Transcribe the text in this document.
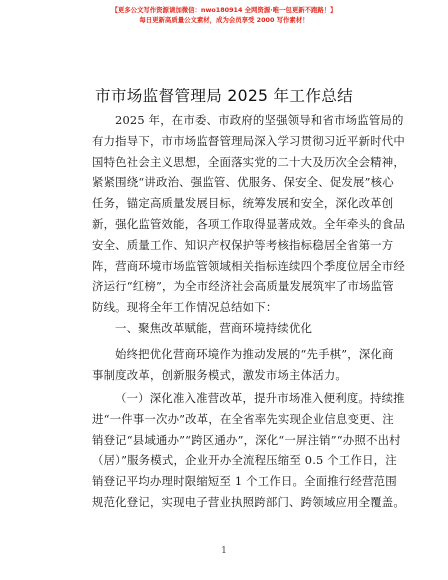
【更多公文写作资源请加微信：nwo180914 全网资源·唯一包更新不跑路！】
每日更新高质量公文素材，成为会员享受 2000 写作素材！
市市场监督管理局 2025 年工作总结
2025 年，在市委、市政府的坚强领导和省市场监管局的
有力指导下，市市场监督管理局深入学习贯彻习近平新时代中
国特色社会主义思想，全面落实党的二十大及历次全会精神，
紧紧围绕“讲政治、强监管、优服务、保安全、促发展”核心
任务，锚定高质量发展目标，统筹发展和安全，深化改革创
新，强化监管效能，各项工作取得显著成效。全年牵头的食品
安全、质量工作、知识产权保护等考核指标稳居全省第一方
阵，营商环境市场监管领域相关指标连续四个季度位居全市经
济运行“红榜”，为全市经济社会高质量发展筑牢了市场监管
防线。现将全年工作情况总结如下：
一、聚焦改革赋能，营商环境持续优化
始终把优化营商环境作为推动发展的“先手棋”，深化商
事制度改革，创新服务模式，激发市场主体活力。
（一）深化准入准营改革，提升市场准入便利度。持续推
进“一件事一次办”改革，在全省率先实现企业信息变更、注
销登记“县域通办”“跨区通办”，深化“一屏注销”“办照不出村
（居）”服务模式，企业开办全流程压缩至 0.5 个工作日，注
销登记平均办理时限缩短至 1 个工作日。全面推行经营范围
规范化登记，实现电子营业执照跨部门、跨领域应用全覆盖。
1
